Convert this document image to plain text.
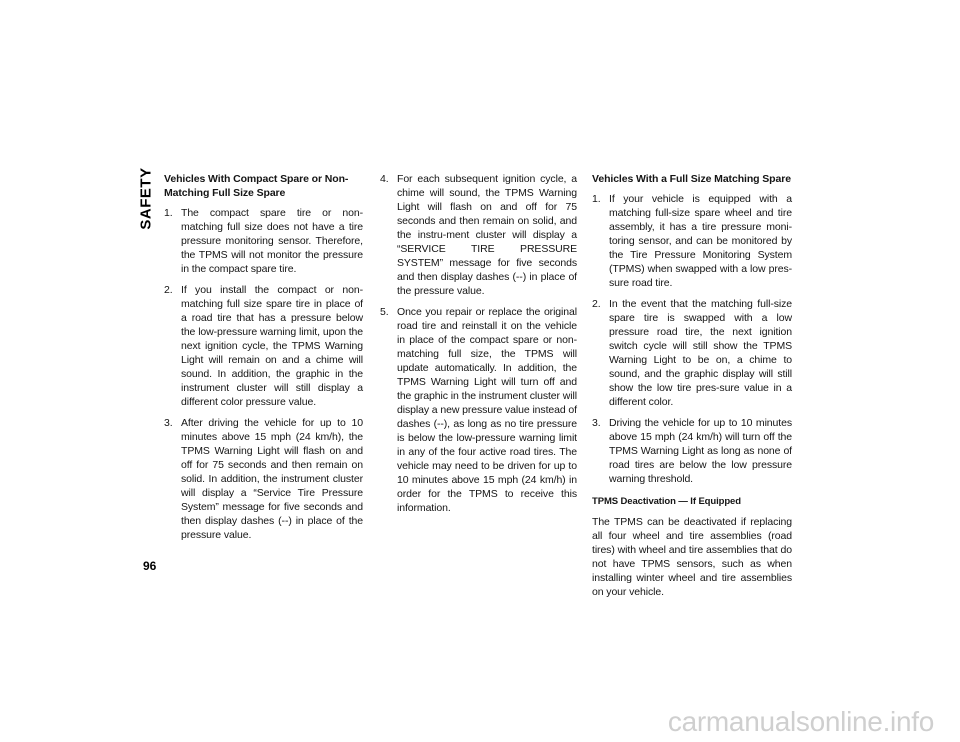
SAFETY Vehicles With Compact Spare or Non-Matching Full Size Spare
1. The compact spare tire or non-matching full size does not have a tire pressure monitoring sensor. Therefore, the TPMS will not monitor the pressure in the compact spare tire.
2. If you install the compact or non-matching full size spare tire in place of a road tire that has a pressure below the low-pressure warning limit, upon the next ignition cycle, the TPMS Warning Light will remain on and a chime will sound. In addition, the graphic in the instrument cluster will still display a different color pressure value.
3. After driving the vehicle for up to 10 minutes above 15 mph (24 km/h), the TPMS Warning Light will flash on and off for 75 seconds and then remain on solid. In addition, the instrument cluster will display a “Service Tire Pressure System” message for five seconds and then display dashes (--) in place of the pressure value.
4. For each subsequent ignition cycle, a chime will sound, the TPMS Warning Light will flash on and off for 75 seconds and then remain on solid, and the instru-ment cluster will display a “SERVICE TIRE PRESSURE SYSTEM” message for five seconds and then display dashes (--) in place of the pressure value.
5. Once you repair or replace the original road tire and reinstall it on the vehicle in place of the compact spare or non-matching full size, the TPMS will update automatically. In addition, the TPMS Warning Light will turn off and the graphic in the instrument cluster will display a new pressure value instead of dashes (--), as long as no tire pressure is below the low-pressure warning limit in any of the four active road tires. The vehicle may need to be driven for up to 10 minutes above 15 mph (24 km/h) in order for the TPMS to receive this information.
Vehicles With a Full Size Matching Spare
1. If your vehicle is equipped with a matching full-size spare wheel and tire assembly, it has a tire pressure moni-toring sensor, and can be monitored by the Tire Pressure Monitoring System (TPMS) when swapped with a low pres-sure road tire.
2. In the event that the matching full-size spare tire is swapped with a low pressure road tire, the next ignition switch cycle will still show the TPMS Warning Light to be on, a chime to sound, and the graphic display will still show the low tire pres-sure value in a different color.
3. Driving the vehicle for up to 10 minutes above 15 mph (24 km/h) will turn off the TPMS Warning Light as long as none of road tires are below the low pressure warning threshold.
TPMS Deactivation — If Equipped

The TPMS can be deactivated if replacing all four wheel and tire assemblies (road tires) with wheel and tire assemblies that do not have TPMS sensors, such as when installing winter wheel and tire assemblies on your vehicle.

96
carmanualsonline.info
